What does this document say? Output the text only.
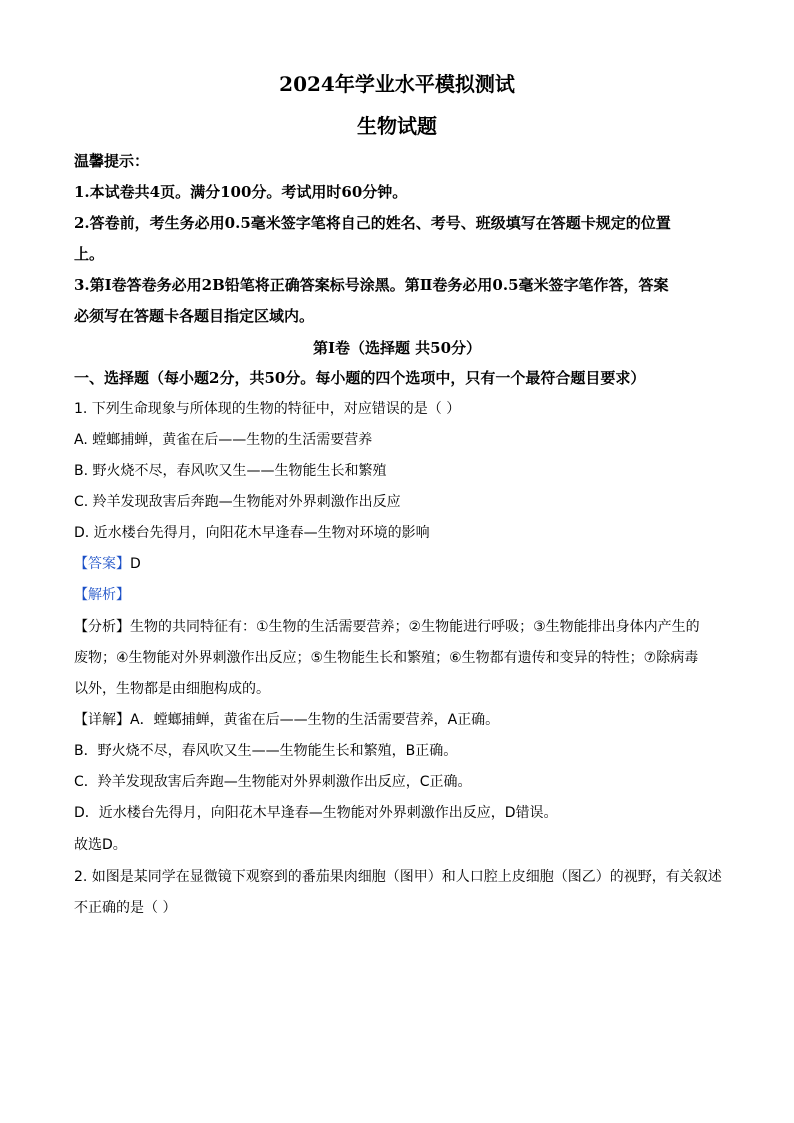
2024年学业水平模拟测试
生物试题
温馨提示：
1.本试卷共4页。满分100分。考试用时60分钟。
2.答卷前，考生务必用0.5毫米签字笔将自己的姓名、考号、班级填写在答题卡规定的位置
上。
3.第Ⅰ卷答卷务必用2B铅笔将正确答案标号涂黑。第Ⅱ卷务必用0.5毫米签字笔作答，答案
必须写在答题卡各题目指定区域内。
第Ⅰ卷（选择题 共50分）
一、选择题（每小题2分，共50分。每小题的四个选项中，只有一个最符合题目要求）
1. 下列生命现象与所体现的生物的特征中，对应错误的是（ ）
A. 螳螂捕蝉，黄雀在后——生物的生活需要营养
B. 野火烧不尽，春风吹又生——生物能生长和繁殖
C. 羚羊发现敌害后奔跑—生物能对外界刺激作出反应
D. 近水楼台先得月，向阳花木早逢春—生物对环境的影响
【答案】D
【解析】
【分析】生物的共同特征有：①生物的生活需要营养；②生物能进行呼吸；③生物能排出身体内产生的
废物；④生物能对外界刺激作出反应；⑤生物能生长和繁殖；⑥生物都有遗传和变异的特性；⑦除病毒
以外，生物都是由细胞构成的。
【详解】A．螳螂捕蝉，黄雀在后——生物的生活需要营养，A正确。
B．野火烧不尽，春风吹又生——生物能生长和繁殖，B正确。
C．羚羊发现敌害后奔跑—生物能对外界刺激作出反应，C正确。
D．近水楼台先得月，向阳花木早逢春—生物能对外界刺激作出反应，D错误。
故选D。
2. 如图是某同学在显微镜下观察到的番茄果肉细胞（图甲）和人口腔上皮细胞（图乙）的视野，有关叙述
不正确的是（ ）
